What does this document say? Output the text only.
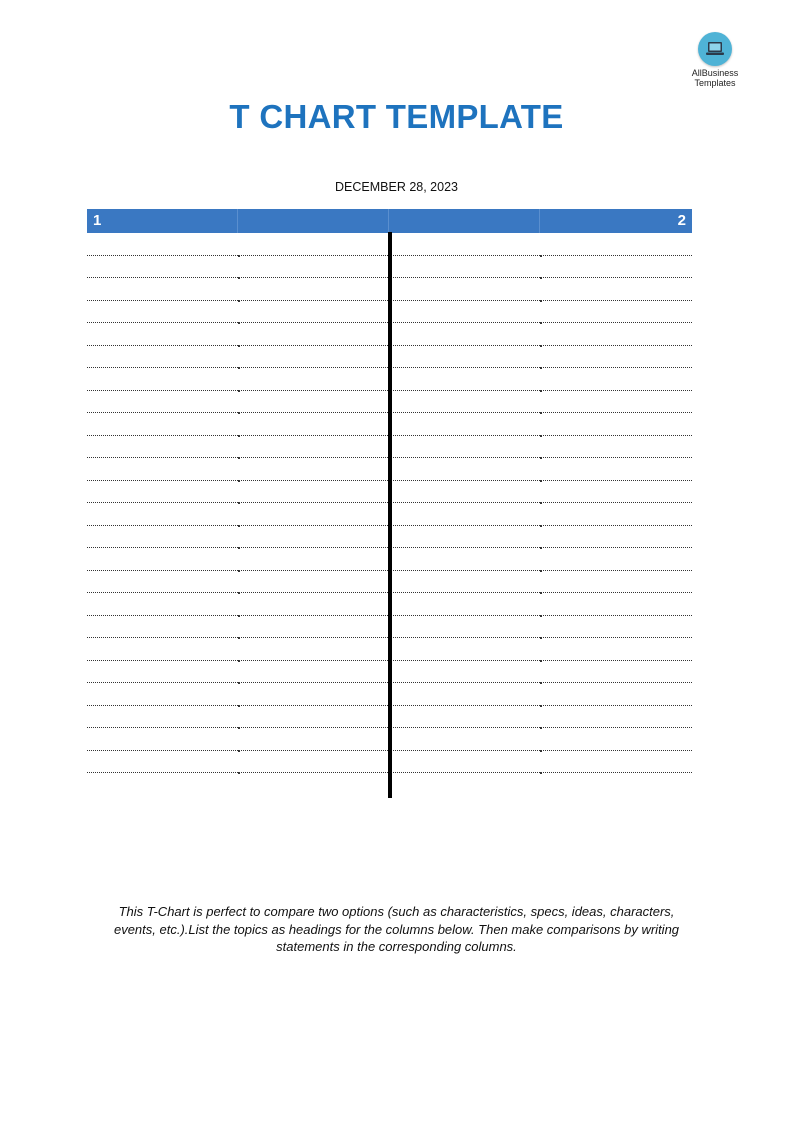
AllBusiness
Templates
T CHART TEMPLATE
DECEMBER 28, 2023
1	2
This T-Chart is perfect to compare two options (such as characteristics, specs, ideas, characters, events, etc.).List the topics as headings for the columns below. Then make comparisons by writing statements in the corresponding columns.
